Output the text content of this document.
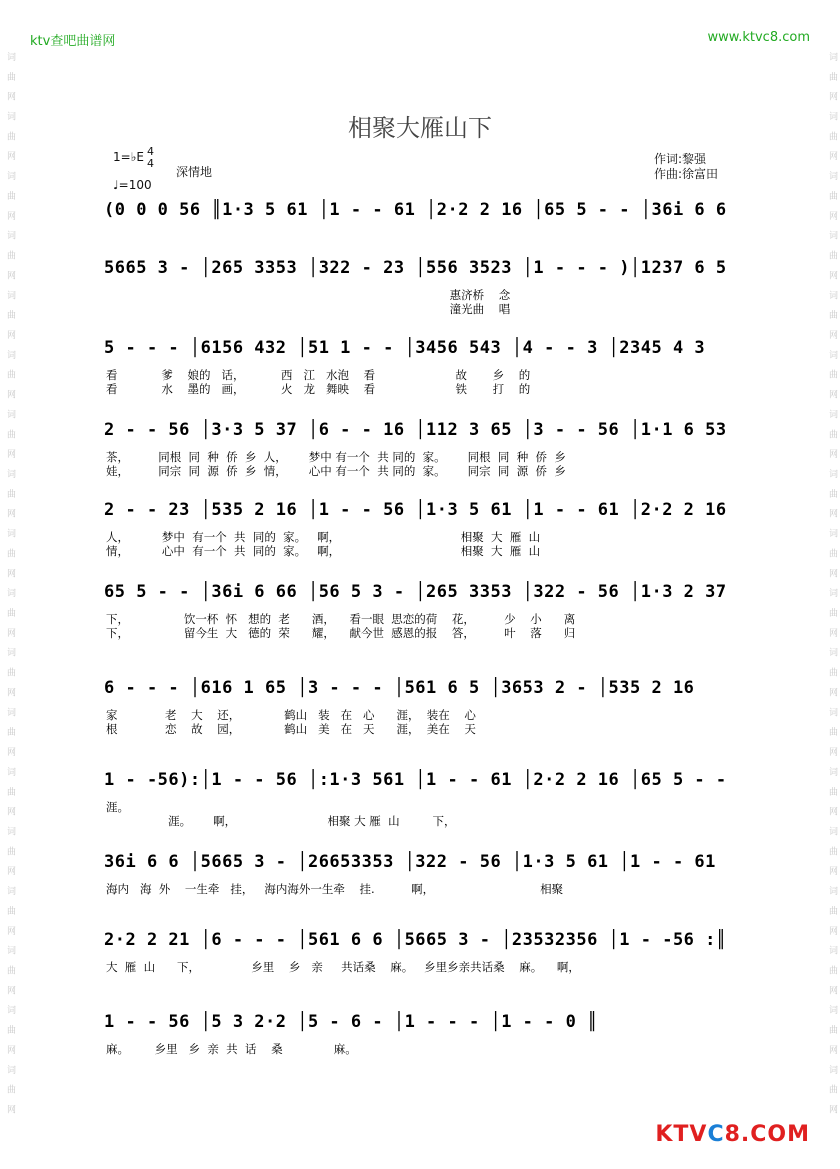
词 曲 网 词 曲 网 词 曲 网 词 曲 网 词 曲 网 词 曲 网 词 曲 网 词 曲 网 词 曲 网 词 曲 网 词 曲 网 词 曲 网 词 曲 网 词 曲 网 词 曲 网 词 曲 网 词 曲 网 词 曲 网	词 曲 网 词 曲 网 词 曲 网 词 曲 网 词 曲 网 词 曲 网 词 曲 网 词 曲 网 词 曲 网 词 曲 网 词 曲 网 词 曲 网 词 曲 网 词 曲 网 词 曲 网 词 曲 网 词 曲 网 词 曲 网
ktv查吧曲谱网	www.ktvc8.com
相聚大雁山下
1=♭E 4
4
♩=100
深情地
作词:黎强
作曲:徐富田
(0 0 0 56 ║1·3 5 61 │1 - - 61 │2·2 2 16 │65 5 - - │36i 6 6
5665 3 - │265 3353 │322 - 23 │556 3523 │1 - - - )│1237 6 5
惠济桥    念
潼光曲    唱
5 - - - │6156 432 │51 1 - - │3456 543 │4 - - 3 │2345 4 3
看            爹    娘的   话，          西   江   水泡    看                      故       乡    的
看            水    墨的   画，          火   龙   舞映    看                      铁       打    的
2 - - 56 │3·3 5 37 │6 - - 16 │112 3 65 │3 - - 56 │1·1 6 53
茶，        同根  同  种  侨  乡  人，      梦中 有一个  共 同的  家。      同根  同  种  侨  乡
娃，        同宗  同  源  侨  乡  情，      心中 有一个  共 同的  家。      同宗  同  源  侨  乡
2 - - 23 │535 2 16 │1 - - 56 │1·3 5 61 │1 - - 61 │2·2 2 16
人，         梦中  有一个  共  同的  家。   啊，                                 相聚  大  雁  山
情，         心中  有一个  共  同的  家。   啊，                                 相聚  大  雁  山
65 5 - - │36i 6 66 │56 5 3 - │265 3353 │322 - 56 │1·3 2 37
下，               饮一杯  怀   想的  老      酒，    看一眼  思恋的荷    花，        少    小      离
下，               留今生  大   德的  荣      耀，    献今世  感恩的报    答，        叶    落      归
6 - - - │616 1 65 │3 - - - │561 6 5 │3653 2 - │535 2 16
家             老    大    还，            鹤山   装   在   心      涯，  装在    心
根             恋    故    园，            鹤山   美   在   天      涯，  美在    天
1 - -56):│1 - - 56 │:1·3 561 │1 - - 61 │2·2 2 16 │65 5 - -
涯。
涯。      啊，                         相聚 大 雁  山         下，
36i 6 6 │5665 3 - │26653353 │322 - 56 │1·3 5 61 │1 - - 61
海内   海  外    一生牵   挂，   海内海外一生牵    挂.          啊，                             相聚
2·2 2 21 │6 - - - │561 6 6 │5665 3 - │23532356 │1 - -56 :║
大  雁  山      下，              乡里    乡   亲     共话桑    麻。   乡里乡亲共话桑    麻。    啊，
1 - - 56 │5 3 2·2 │5 - 6 - │1 - - - │1 - - 0 ║
麻。       乡里   乡  亲  共  话    桑              麻。
KTVC8.COM
